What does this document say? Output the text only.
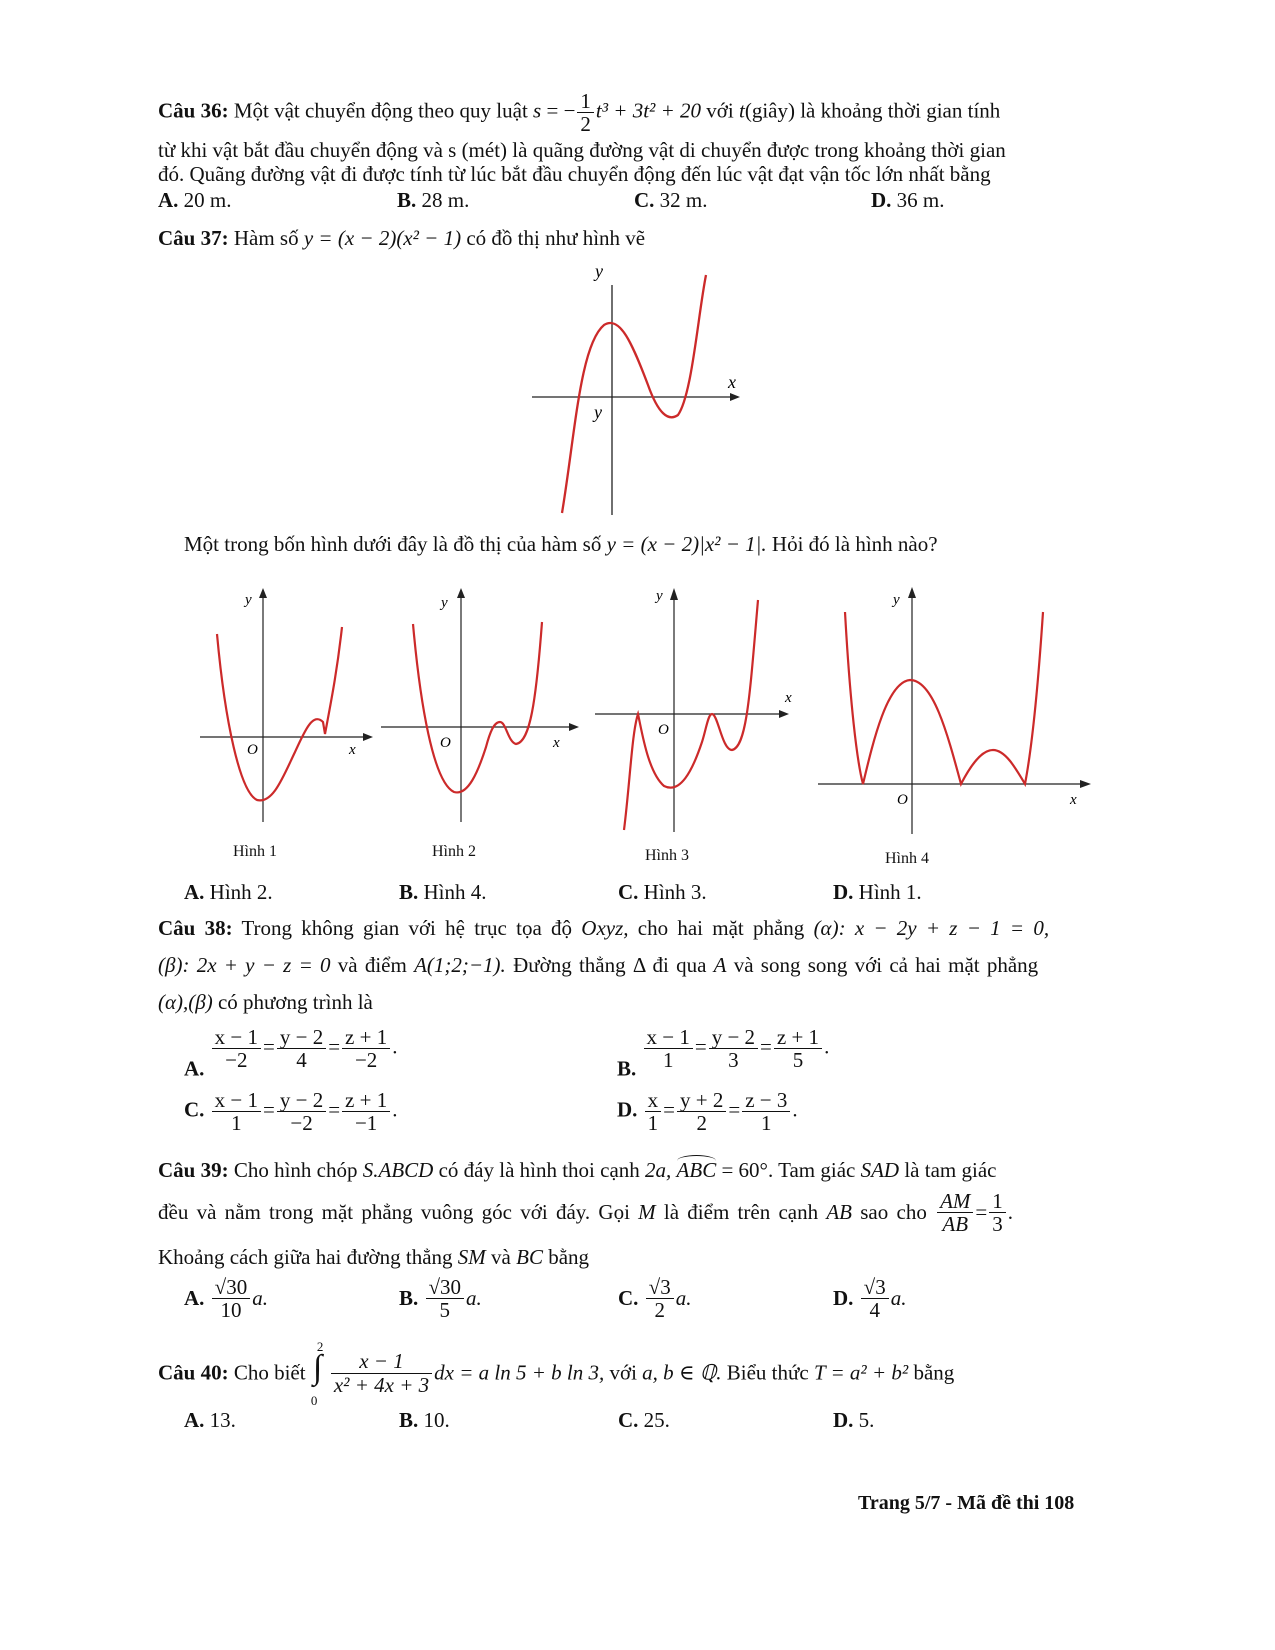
Câu 36: Một vật chuyển động theo quy luật s = − $\frac{1}{2} t^3 + 3t^2 + 20$ với t(giây) là khoảng thời gian tính
từ khi vật bắt đầu chuyển động và s (mét) là quãng đường vật di chuyển được trong khoảng thời gian
đó. Quãng đường vật đi được tính từ lúc bắt đầu chuyển động đến lúc vật đạt vận tốc lớn nhất bằng
A. 20 m.	B. 28 m.	C. 32 m.	D. 36 m.
Câu 37: Hàm số y = (x − 2)(x² − 1) có đồ thị như hình vẽ
y
x
y
Một trong bốn hình dưới đây là đồ thị của hàm số y = (x − 2)|x² − 1|. Hỏi đó là hình nào?
y
x
O
Hình 1
y
x
O
Hình 2
y
x
O
Hình 3
y
x
O
Hình 4
A. Hình 2.	B. Hình 4.	C. Hình 3.	D. Hình 1.
Câu 38: Trong không gian với hệ trục tọa độ Oxyz, cho hai mặt phẳng (α): x − 2y + z − 1 = 0,
(β): 2x + y − z = 0 và điểm A(1;2;−1). Đường thẳng Δ đi qua A và song song với cả hai mặt phẳng
(α),(β) có phương trình là
A. $\frac{x - 1}{-2} = \frac{y - 2}{4} = \frac{z + 1}{-2}$ .
B. $\frac{x - 1}{1} = \frac{y - 2}{3} = \frac{z + 1}{5}$ .
C. $\frac{x - 1}{1} = \frac{y - 2}{-2} = \frac{z + 1}{-1}$ .	D. $\frac{x}{1} = \frac{y + 2}{2} = \frac{z - 3}{1}$ .
Câu 39: Cho hình chóp S.ABCD có đáy là hình thoi cạnh 2a, ABC = 60°. Tam giác SAD là tam giác
đều và nằm trong mặt phẳng vuông góc với đáy. Gọi M là điểm trên cạnh AB sao cho $\frac{AM}{AB} = \frac{1}{3}$ .
Khoảng cách giữa hai đường thẳng SM và BC bằng
A. $\frac{√30}{10} a$.	B. $\frac{√30}{5} a$.	C. $\frac{√3}{2} a$.	D. $\frac{√3}{4} a$.
Câu 40: Cho biết
2
∫
0
$\frac{x - 1}{\text{x² + 4x + 3}}$ dx = a ln 5 + b ln 3, với a, b ∈ ℚ. Biểu thức T = a² + b² bằng
A. 13.	B. 10.	C. 25.	D. 5.
Trang 5/7 - Mã đề thi 108
